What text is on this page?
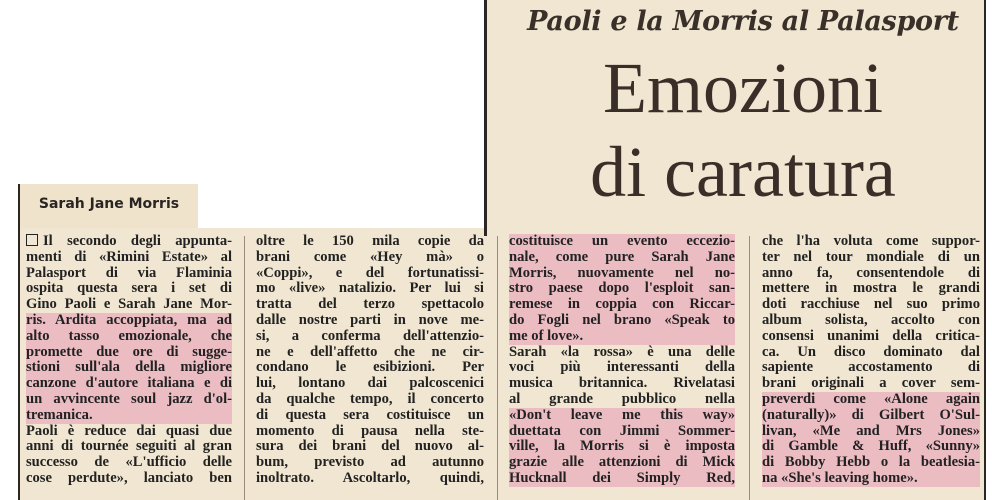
Paoli e la Morris al Palasport
Emozioni
di caratura
Sarah Jane Morris
Il secondo degli appunta-
menti di «Rimini Estate» al
Palasport di via Flaminia
ospita questa sera i set di
Gino Paoli e Sarah Jane Mor-
ris. Ardita accoppiata, ma ad
alto tasso emozionale, che
promette due ore di sugge-
stioni sull'ala della migliore
canzone d'autore italiana e di
un avvincente soul jazz d'ol-
tremanica.
Paoli è reduce dai quasi due
anni di tournée seguiti al gran
successo de «L'ufficio delle
cose perdute», lanciato ben
oltre le 150 mila copie da
brani come «Hey mà» o
«Coppi», e del fortunatissi-
mo «live» natalizio. Per lui si
tratta del terzo spettacolo
dalle nostre parti in nove me-
si, a conferma dell'attenzio-
ne e dell'affetto che ne cir-
condano le esibizioni. Per
lui, lontano dai palcoscenici
da qualche tempo, il concerto
di questa sera costituisce un
momento di pausa nella ste-
sura dei brani del nuovo al-
bum, previsto ad autunno
inoltrato. Ascoltarlo, quindi,
costituisce un evento eccezio-
nale, come pure Sarah Jane
Morris, nuovamente nel no-
stro paese dopo l'esploit san-
remese in coppia con Riccar-
do Fogli nel brano «Speak to
me of love».
Sarah «la rossa» è una delle
voci più interessanti della
musica britannica. Rivelatasi
al grande pubblico nella
«Don't leave me this way»
duettata con Jimmi Sommer-
ville, la Morris si è imposta
grazie alle attenzioni di Mick
Hucknall dei Simply Red,
che l'ha voluta come suppor-
ter nel tour mondiale di un
anno fa, consentendole di
mettere in mostra le grandi
doti racchiuse nel suo primo
album solista, accolto con
consensi unanimi della critica-
ca. Un disco dominato dal
sapiente accostamento di
brani originali a cover sem-
preverdi come «Alone again
(naturally)» di Gilbert O'Sul-
livan, «Me and Mrs Jones»
di Gamble & Huff, «Sunny»
di Bobby Hebb o la beatlesia-
na «She's leaving home».
